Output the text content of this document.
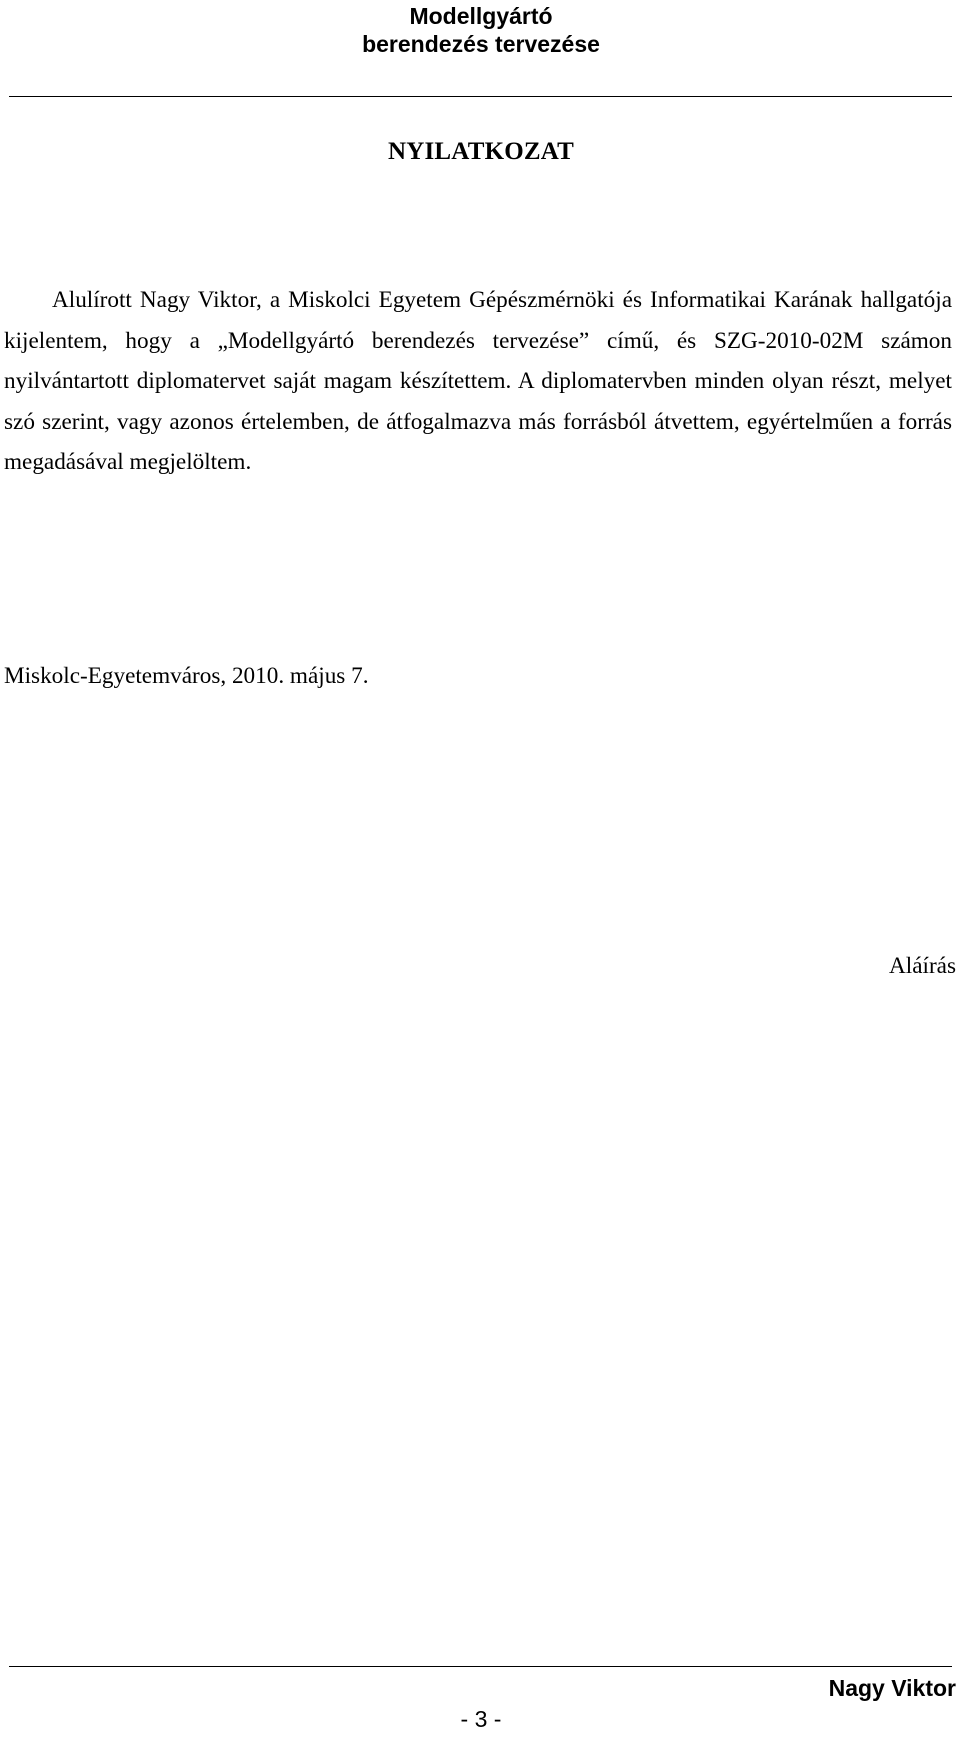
Modellgyártó
berendezés tervezése
NYILATKOZAT

Alulírott Nagy Viktor, a Miskolci Egyetem Gépészmérnöki és Informatikai Karának hallgatója kijelentem, hogy a „Modellgyártó berendezés tervezése” című, és SZG-2010-02M számon nyilvántartott diplomatervet saját magam készítettem. A diplomatervben minden olyan részt, melyet szó szerint, vagy azonos értelemben, de átfogalmazva más forrásból átvettem, egyértelműen a forrás megadásával megjelöltem.

Miskolc-Egyetemváros, 2010. május 7.
Aláírás
Nagy Viktor
- 3 -
